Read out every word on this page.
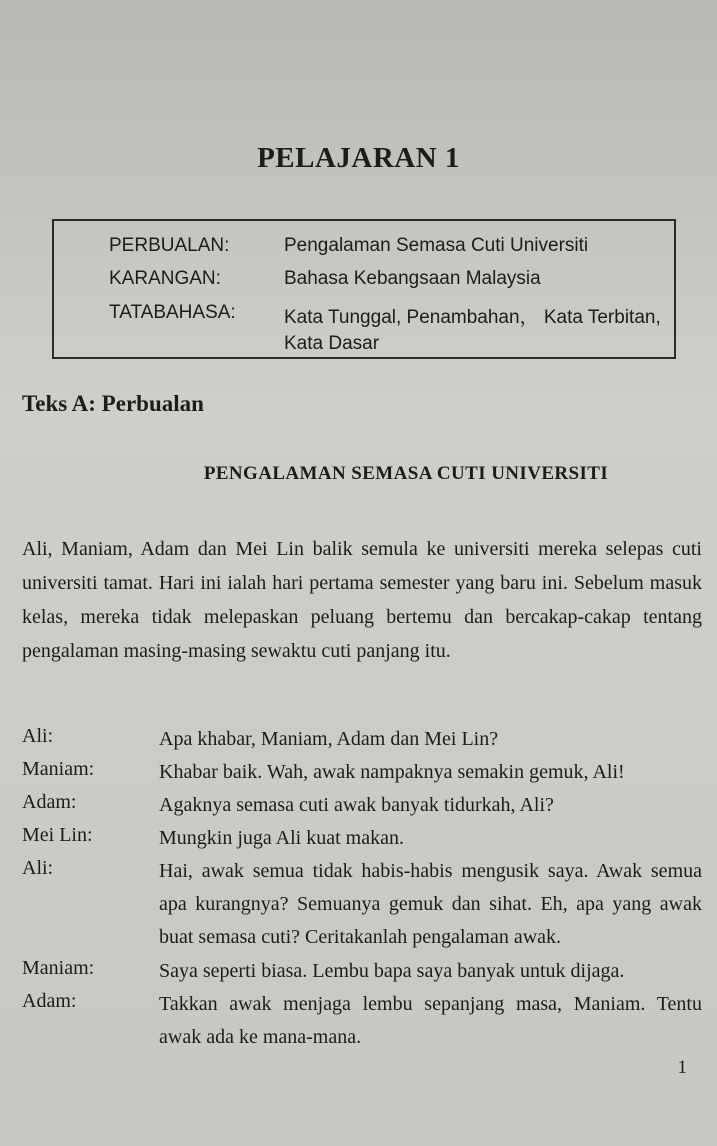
PELAJARAN 1
PERBUALAN:	Pengalaman Semasa Cuti Universiti
KARANGAN:	Bahasa Kebangsaan Malaysia
TATABAHASA:	Kata Tunggal, Penambahan， Kata Terbitan,
Kata Dasar
Teks A: Perbualan
PENGALAMAN SEMASA CUTI UNIVERSITI
Ali, Maniam, Adam dan Mei Lin balik semula ke universiti mereka selepas cuti universiti tamat. Hari ini ialah hari pertama semester yang baru ini. Sebelum masuk kelas, mereka tidak melepaskan peluang bertemu dan bercakap-cakap tentang pengalaman masing-masing sewaktu cuti panjang itu.
Ali:	Apa khabar, Maniam, Adam dan Mei Lin?
Maniam:	Khabar baik. Wah, awak nampaknya semakin gemuk, Ali!
Adam:	Agaknya semasa cuti awak banyak tidurkah, Ali?
Mei Lin:	Mungkin juga Ali kuat makan.
Ali:	Hai, awak semua tidak habis-habis mengusik saya. Awak semua apa kurangnya? Semuanya gemuk dan sihat. Eh, apa yang awak buat semasa cuti? Ceritakanlah pengalaman awak.
Maniam:	Saya seperti biasa. Lembu bapa saya banyak untuk dijaga.
Adam:	Takkan awak menjaga lembu sepanjang masa, Maniam. Tentu awak ada ke mana-mana.
1
